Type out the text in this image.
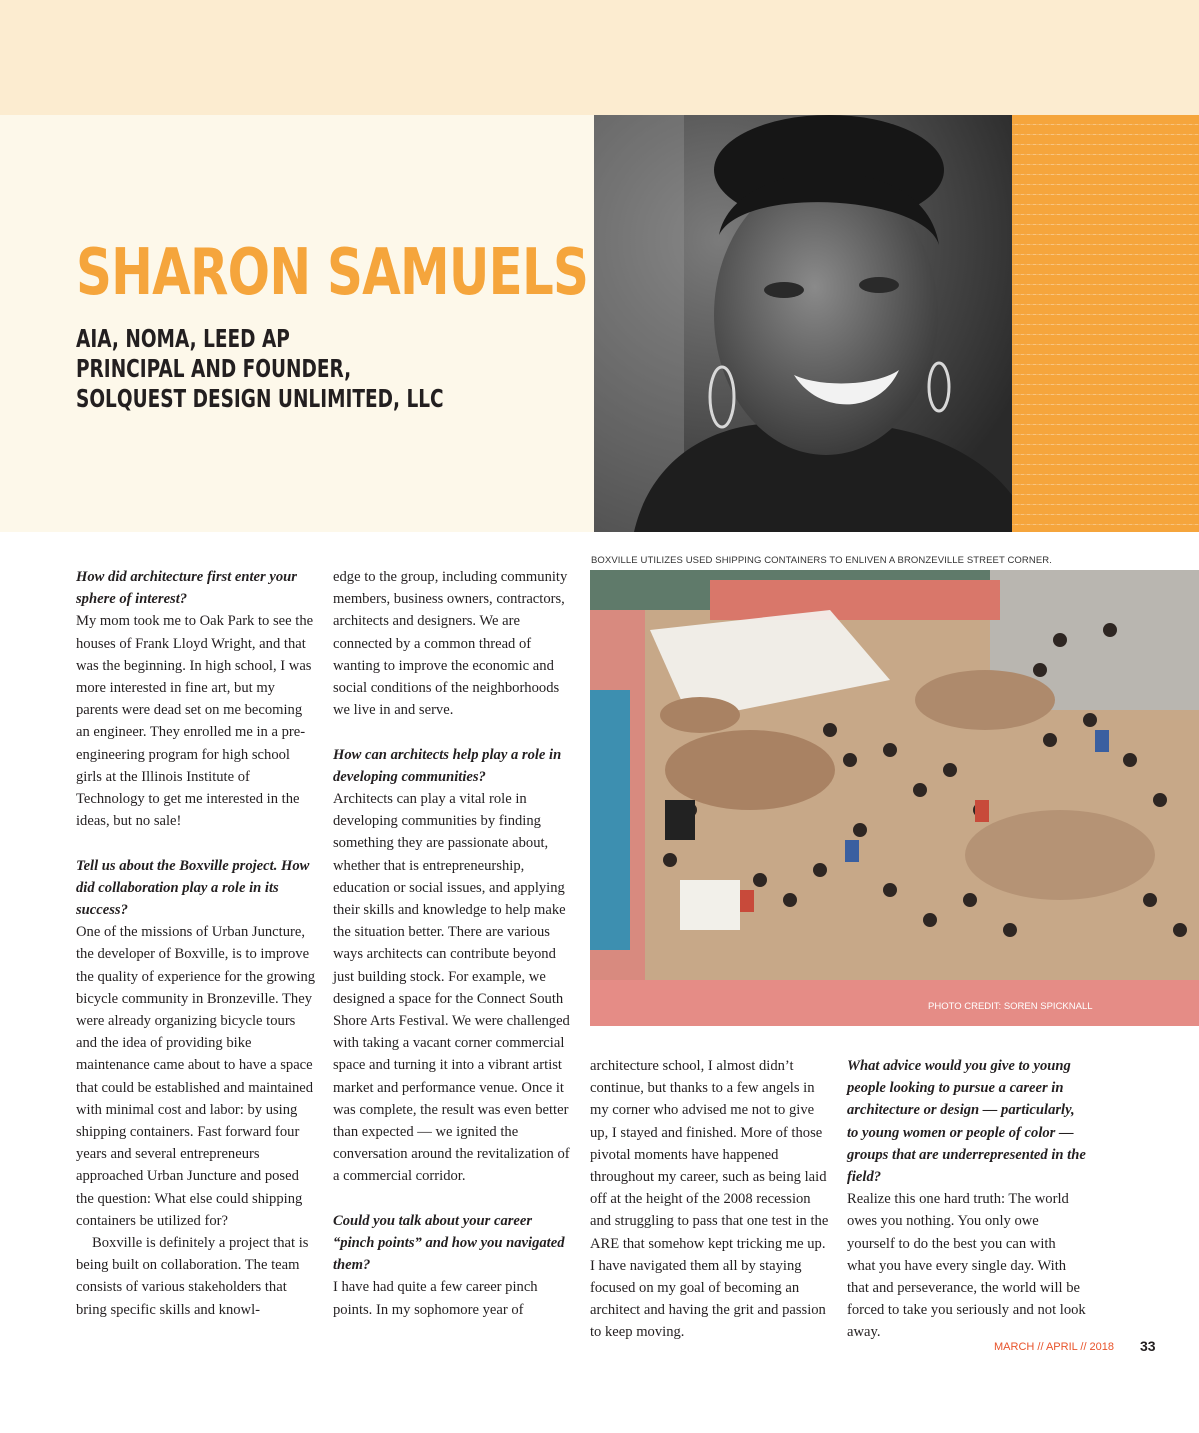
SHARON SAMUELS
AIA, NOMA, LEED AP
PRINCIPAL AND FOUNDER,
SOLQUEST DESIGN UNLIMITED, LLC
BOXVILLE UTILIZES USED SHIPPING CONTAINERS TO ENLIVEN A BRONZEVILLE STREET CORNER.
PHOTO CREDIT: SOREN SPICKNALL

How did architecture first enter your sphere of interest?

My mom took me to Oak Park to see the houses of Frank Lloyd Wright, and that was the beginning. In high school, I was more interested in fine art, but my parents were dead set on me becoming an engineer. They enrolled me in a pre-engineering program for high school girls at the Illinois Institute of Technology to get me interested in the ideas, but no sale!

Tell us about the Boxville project. How did collaboration play a role in its success?

One of the missions of Urban Juncture, the developer of Boxville, is to improve the quality of experience for the growing bicycle community in Bronzeville. They were already organizing bicycle tours and the idea of providing bike maintenance came about to have a space that could be established and maintained with minimal cost and labor: by using shipping containers. Fast forward four years and several entrepreneurs approached Urban Juncture and posed the question: What else could shipping containers be utilized for?

Boxville is definitely a project that is being built on collaboration. The team consists of various stakeholders that bring specific skills and knowl-

edge to the group, including community members, business owners, contractors, architects and designers. We are connected by a common thread of wanting to improve the economic and social conditions of the neighborhoods we live in and serve.

How can architects help play a role in developing communities?

Architects can play a vital role in developing communities by finding something they are passionate about, whether that is entrepreneurship, education or social issues, and applying their skills and knowledge to help make the situation better. There are various ways architects can contribute beyond just building stock. For example, we designed a space for the Connect South Shore Arts Festival. We were challenged with taking a vacant corner commercial space and turning it into a vibrant artist market and performance venue. Once it was complete, the result was even better than expected — we ignited the conversation around the revitalization of a commercial corridor.

Could you talk about your career “pinch points” and how you navigated them?

I have had quite a few career pinch points. In my sophomore year of

architecture school, I almost didn’t continue, but thanks to a few angels in my corner who advised me not to give up, I stayed and finished. More of those pivotal moments have happened throughout my career, such as being laid off at the height of the 2008 recession and struggling to pass that one test in the ARE that somehow kept tricking me up. I have navigated them all by staying focused on my goal of becoming an architect and having the grit and passion to keep moving.

What advice would you give to young people looking to pursue a career in architecture or design — particularly, to young women or people of color — groups that are underrepresented in the field?

Realize this one hard truth: The world owes you nothing. You only owe yourself to do the best you can with what you have every single day. With that and perseverance, the world will be forced to take you seriously and not look away.

MARCH // APRIL // 2018 33
